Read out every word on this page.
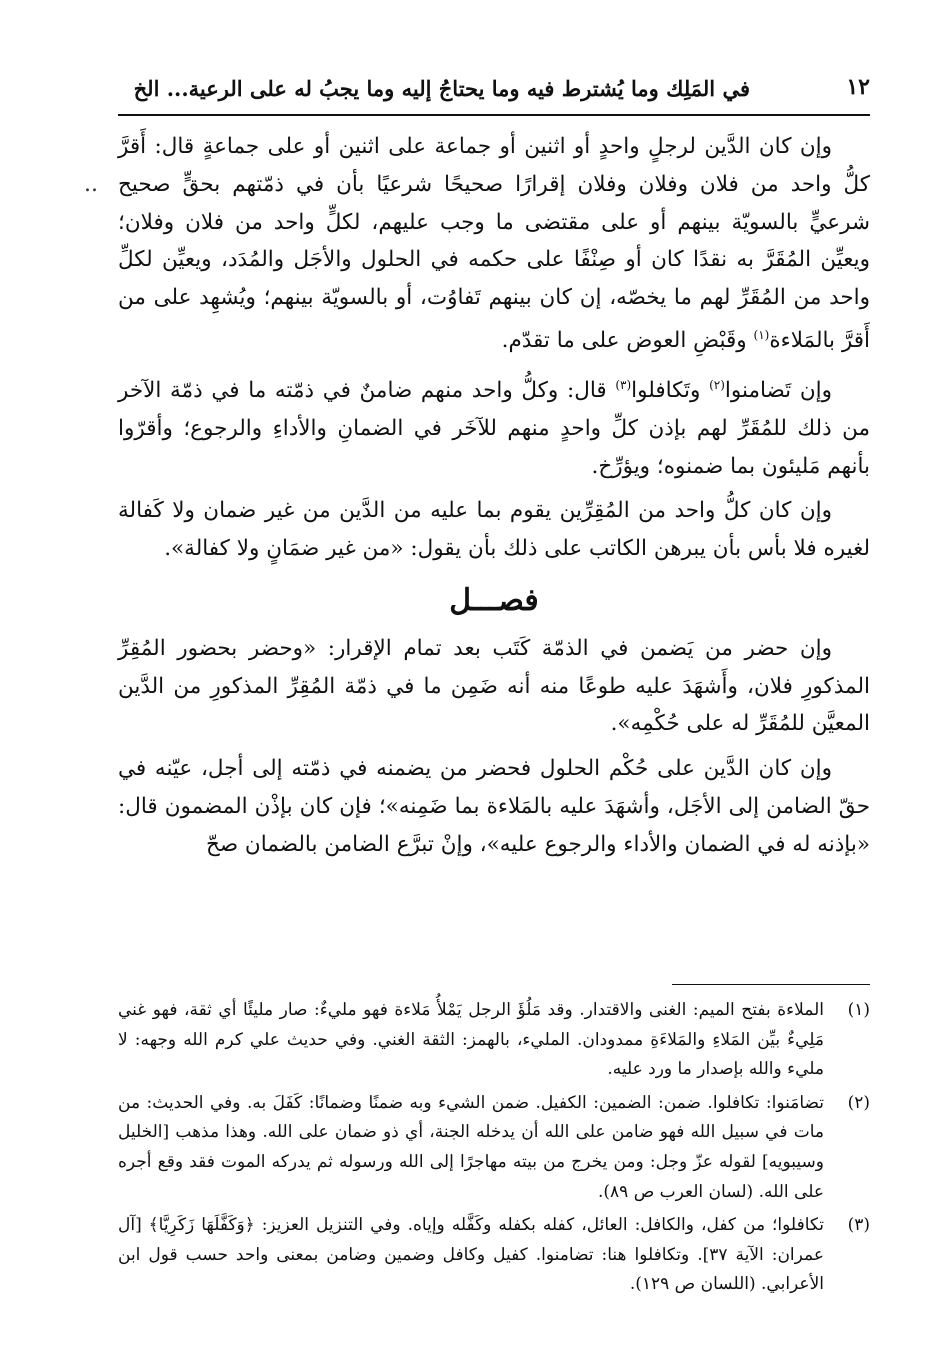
١٢
في المَلِك وما يُشترط فيه وما يحتاجُ إليه وما يجبُ له على الرعية... الخ
..

وإن كان الدَّين لرجلٍ واحدٍ أو اثنين أو جماعة على اثنين أو على جماعةٍ قال: أَقرَّ كلُّ واحد من فلان وفلان وفلان إقرارًا صحيحًا شرعيًا بأن في ذمّتهم بحقٍّ صحيح شرعيٍّ بالسويّة بينهم أو على مقتضى ما وجب عليهم، لكلٍّ واحد من فلان وفلان؛ ويعيِّن المُقَرَّ به نقدًا كان أو صِنْفًا على حكمه في الحلول والأجَل والمُدَد، ويعيِّن لكلِّ واحد من المُقَرِّ لهم ما يخصّه، إن كان بينهم تَفاوُت، أو بالسويّة بينهم؛ ويُشهِد على من أَقرَّ بالمَلاءة$^{(١)}$ وقَبْضِ العوض على ما تقدّم.

وإن تَضامنوا$^{(٢)}$ وتَكافلوا$^{(٣)}$ قال: وكلُّ واحد منهم ضامنٌ في ذمّته ما في ذمّة الآخر من ذلك للمُقَرِّ لهم بإذن كلِّ واحدٍ منهم للآخَر في الضمانِ والأداءِ والرجوع؛ وأقرّوا بأنهم مَليئون بما ضمنوه؛ ويؤرِّخ.

وإن كان كلُّ واحد من المُقِرِّين يقوم بما عليه من الدَّين من غير ضمان ولا كَفالة لغيره فلا بأس بأن يبرهن الكاتب على ذلك بأن يقول: «من غير ضمَانٍ ولا كفالة».

فصـــل

وإن حضر من يَضمن في الذمّة كَتَب بعد تمام الإقرار: «وحضر بحضور المُقِرِّ المذكورِ فلان، وأَشهَدَ عليه طوعًا منه أنه ضَمِن ما في ذمّة المُقِرِّ المذكورِ من الدَّين المعيَّن للمُقَرِّ له على حُكْمِه».

وإن كان الدَّين على حُكْم الحلول فحضر من يضمنه في ذمّته إلى أجل، عيّنه في حقّ الضامن إلى الأجَل، وأشهَدَ عليه بالمَلاءة بما ضَمِنه»؛ فإن كان بإذْن المضمون قال: «بإذنه له في الضمان والأداء والرجوع عليه»، وإنْ تبرَّع الضامن بالضمان صحّ

(١)
الملاءة بفتح الميم: الغنى والاقتدار. وقد مَلُؤَ الرجل يَمْلأُ مَلاءة فهو مليءٌ: صار مليئًا أي ثقة، فهو غني مَلِيءٌ بيِّن المَلاءِ والمَلاءَةِ ممدودان. المليء، بالهمز: الثقة الغني. وفي حديث علي كرم الله وجهه: لا مليء والله بإصدار ما ورد عليه.
(٢)
تضامَنوا: تكافلوا. ضمن: الضمين: الكفيل. ضمن الشيء وبه ضمنًا وضمانًا: كَفَلَ به. وفي الحديث: من مات في سبيل الله فهو ضامن على الله أن يدخله الجنة، أي ذو ضمان على الله. وهذا مذهب [الخليل وسيبويه] لقوله عزّ وجل: ومن يخرج من بيته مهاجرًا إلى الله ورسوله ثم يدركه الموت فقد وقع أجره على الله. (لسان العرب ص ٨٩).
(٣)
تكافلوا؛ من كفل، والكافل: العائل، كفله بكفله وكَفَّله وإياه. وفي التنزيل العزيز: ﴿وَكَفَّلَهَا زَكَرِيَّا﴾ [آل عمران: الآية ٣٧]. وتكافلوا هنا: تضامنوا. كفيل وكافل وضمين وضامن بمعنى واحد حسب قول ابن الأعرابي. (اللسان ص ١٢٩).
